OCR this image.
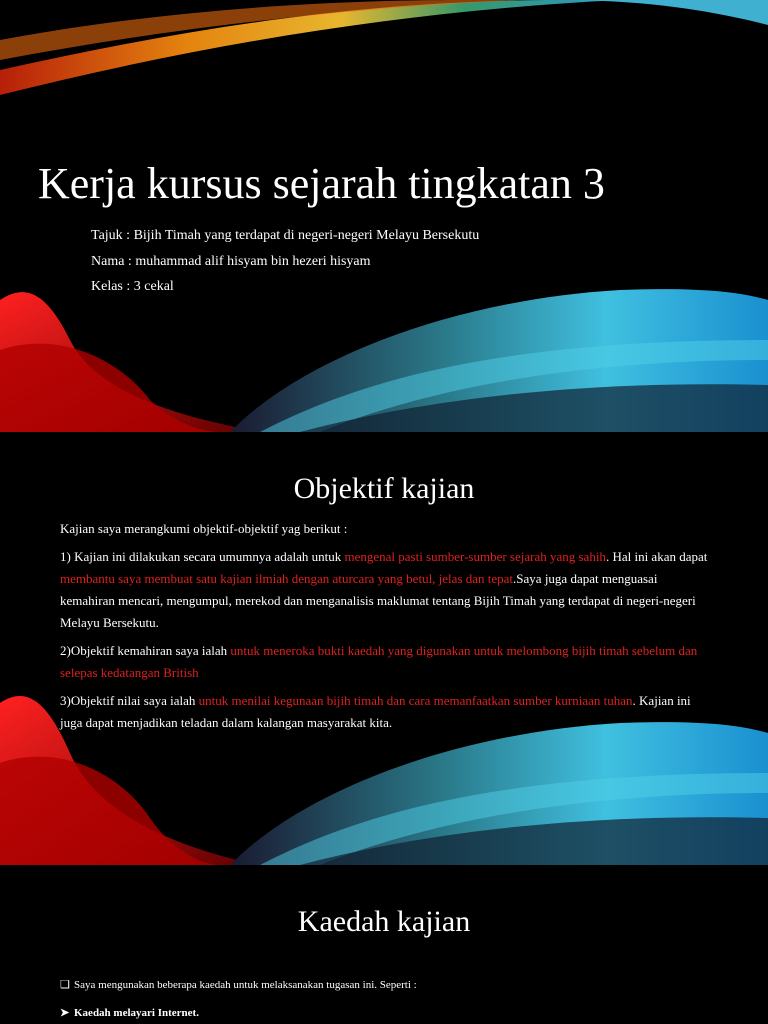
Kerja kursus sejarah tingkatan 3
Tajuk : Bijih Timah yang terdapat di negeri-negeri Melayu Bersekutu
Nama : muhammad alif hisyam bin hezeri hisyam
Kelas : 3 cekal
Objektif kajian

Kajian saya merangkumi objektif-objektif yag berikut :

1) Kajian ini dilakukan secara umumnya adalah untuk mengenal pasti sumber-sumber sejarah yang sahih. Hal ini akan dapat membantu saya membuat satu kajian ilmiah dengan aturcara yang betul, jelas dan tepat.Saya juga dapat menguasai kemahiran mencari, mengumpul, merekod dan menganalisis maklumat tentang Bijih Timah yang terdapat di negeri-negeri Melayu Bersekutu.

2)Objektif kemahiran saya ialah untuk meneroka bukti kaedah yang digunakan untuk melombong bijih timah sebelum dan selepas kedatangan British

3)Objektif nilai saya ialah untuk menilai kegunaan bijih timah dan cara memanfaatkan sumber kurniaan tuhan. Kajian ini juga dapat menjadikan teladan dalam kalangan masyarakat kita.

Kaedah kajian
❑ Saya mengunakan beberapa kaedah untuk melaksanakan tugasan ini. Seperti :
➤ Kaedah melayari Internet.
